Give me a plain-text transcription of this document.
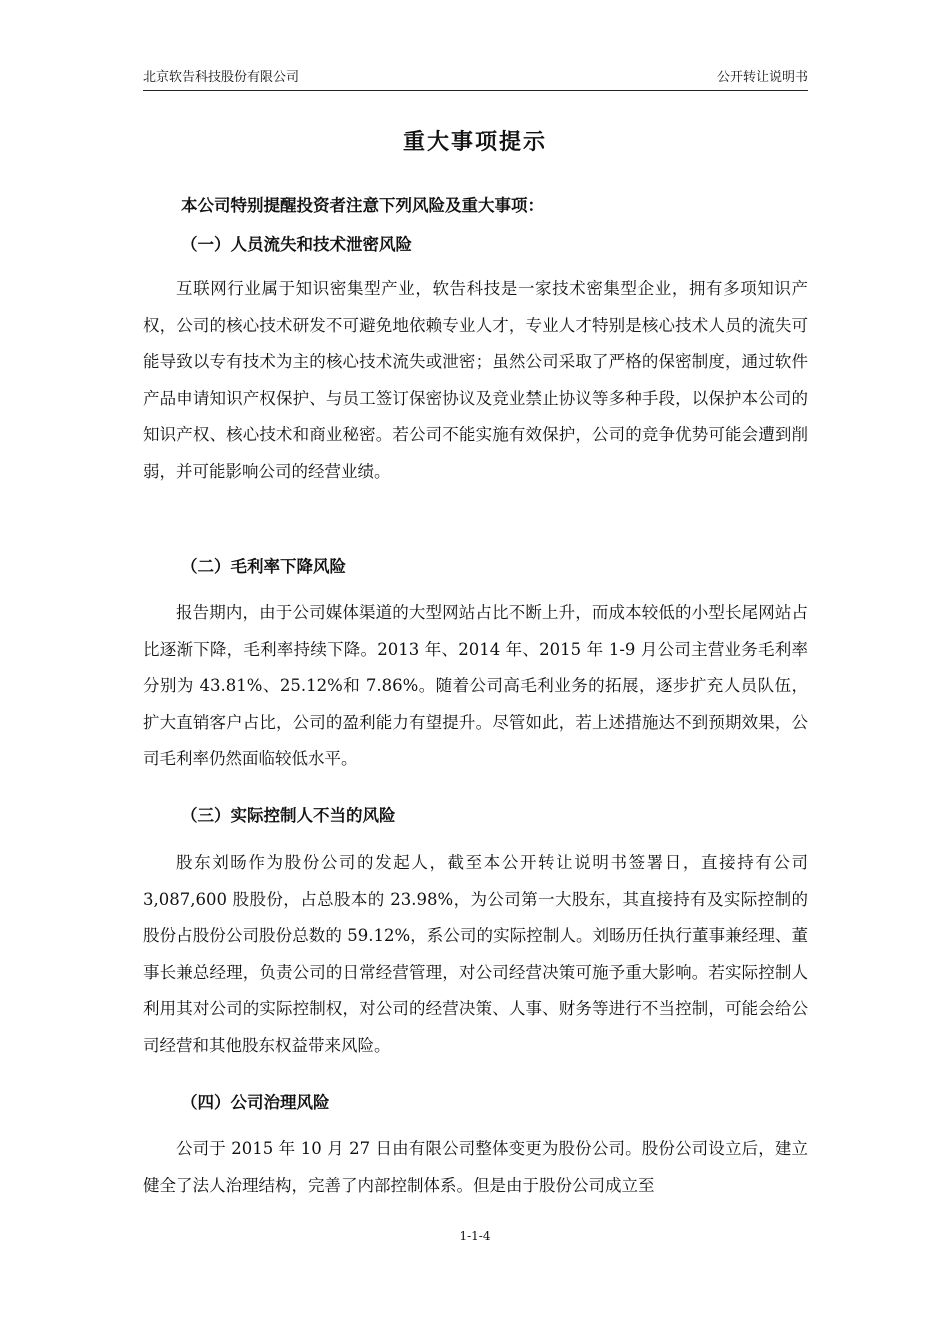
北京软告科技股份有限公司	公开转让说明书
重大事项提示
本公司特别提醒投资者注意下列风险及重大事项：
（一）人员流失和技术泄密风险
互联网行业属于知识密集型产业，软告科技是一家技术密集型企业，拥有多项知识产权，公司的核心技术研发不可避免地依赖专业人才，专业人才特别是核心技术人员的流失可能导致以专有技术为主的核心技术流失或泄密；虽然公司采取了严格的保密制度，通过软件产品申请知识产权保护、与员工签订保密协议及竞业禁止协议等多种手段，以保护本公司的知识产权、核心技术和商业秘密。若公司不能实施有效保护，公司的竞争优势可能会遭到削弱，并可能影响公司的经营业绩。
（二）毛利率下降风险
报告期内，由于公司媒体渠道的大型网站占比不断上升，而成本较低的小型长尾网站占比逐渐下降，毛利率持续下降。2013 年、2014 年、2015 年 1-9 月公司主营业务毛利率分别为 43.81%、25.12%和 7.86%。随着公司高毛利业务的拓展，逐步扩充人员队伍，扩大直销客户占比，公司的盈利能力有望提升。尽管如此，若上述措施达不到预期效果，公司毛利率仍然面临较低水平。
（三）实际控制人不当的风险
股东刘旸作为股份公司的发起人，截至本公开转让说明书签署日，直接持有公司 3,087,600 股股份，占总股本的 23.98%，为公司第一大股东，其直接持有及实际控制的股份占股份公司股份总数的 59.12%，系公司的实际控制人。刘旸历任执行董事兼经理、董事长兼总经理，负责公司的日常经营管理，对公司经营决策可施予重大影响。若实际控制人利用其对公司的实际控制权，对公司的经营决策、人事、财务等进行不当控制，可能会给公司经营和其他股东权益带来风险。
（四）公司治理风险
公司于 2015 年 10 月 27 日由有限公司整体变更为股份公司。股份公司设立后，建立健全了法人治理结构，完善了内部控制体系。但是由于股份公司成立至
1-1-4
